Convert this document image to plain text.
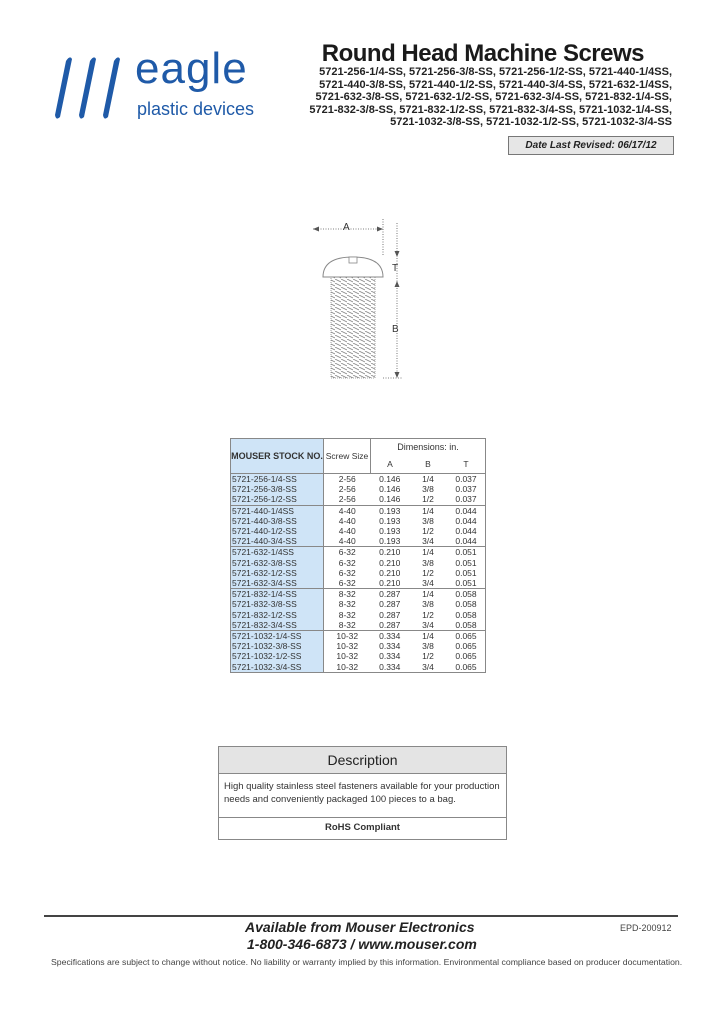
eagle
plastic devices
Round Head Machine Screws
5721-256-1/4-SS, 5721-256-3/8-SS, 5721-256-1/2-SS, 5721-440-1/4SS,
5721-440-3/8-SS, 5721-440-1/2-SS, 5721-440-3/4-SS, 5721-632-1/4SS,
5721-632-3/8-SS, 5721-632-1/2-SS, 5721-632-3/4-SS, 5721-832-1/4-SS,
5721-832-3/8-SS, 5721-832-1/2-SS, 5721-832-3/4-SS, 5721-1032-1/4-SS,
5721-1032-3/8-SS, 5721-1032-1/2-SS, 5721-1032-3/4-SS
Date Last Revised: 06/17/12
A
T
B
MOUSER STOCK NO.	Screw Size	Dimensions: in.		
		A	B	T
5721-256-1/4-SS	2-56	0.146	1/4	0.037
5721-256-3/8-SS	2-56	0.146	3/8	0.037
5721-256-1/2-SS	2-56	0.146	1/2	0.037
5721-440-1/4SS	4-40	0.193	1/4	0.044
5721-440-3/8-SS	4-40	0.193	3/8	0.044
5721-440-1/2-SS	4-40	0.193	1/2	0.044
5721-440-3/4-SS	4-40	0.193	3/4	0.044
5721-632-1/4SS	6-32	0.210	1/4	0.051
5721-632-3/8-SS	6-32	0.210	3/8	0.051
5721-632-1/2-SS	6-32	0.210	1/2	0.051
5721-632-3/4-SS	6-32	0.210	3/4	0.051
5721-832-1/4-SS	8-32	0.287	1/4	0.058
5721-832-3/8-SS	8-32	0.287	3/8	0.058
5721-832-1/2-SS	8-32	0.287	1/2	0.058
5721-832-3/4-SS	8-32	0.287	3/4	0.058
5721-1032-1/4-SS	10-32	0.334	1/4	0.065
5721-1032-3/8-SS	10-32	0.334	3/8	0.065
5721-1032-1/2-SS	10-32	0.334	1/2	0.065
5721-1032-3/4-SS	10-32	0.334	3/4	0.065
Description
High quality stainless steel fasteners available for your production
needs and conveniently packaged 100 pieces to a bag.
RoHS Compliant
Available from Mouser Electronics
1-800-346-6873 / www.mouser.com
EPD-200912
Specifications are subject to change without notice. No liability or warranty implied by this information. Environmental compliance based on producer documentation.
